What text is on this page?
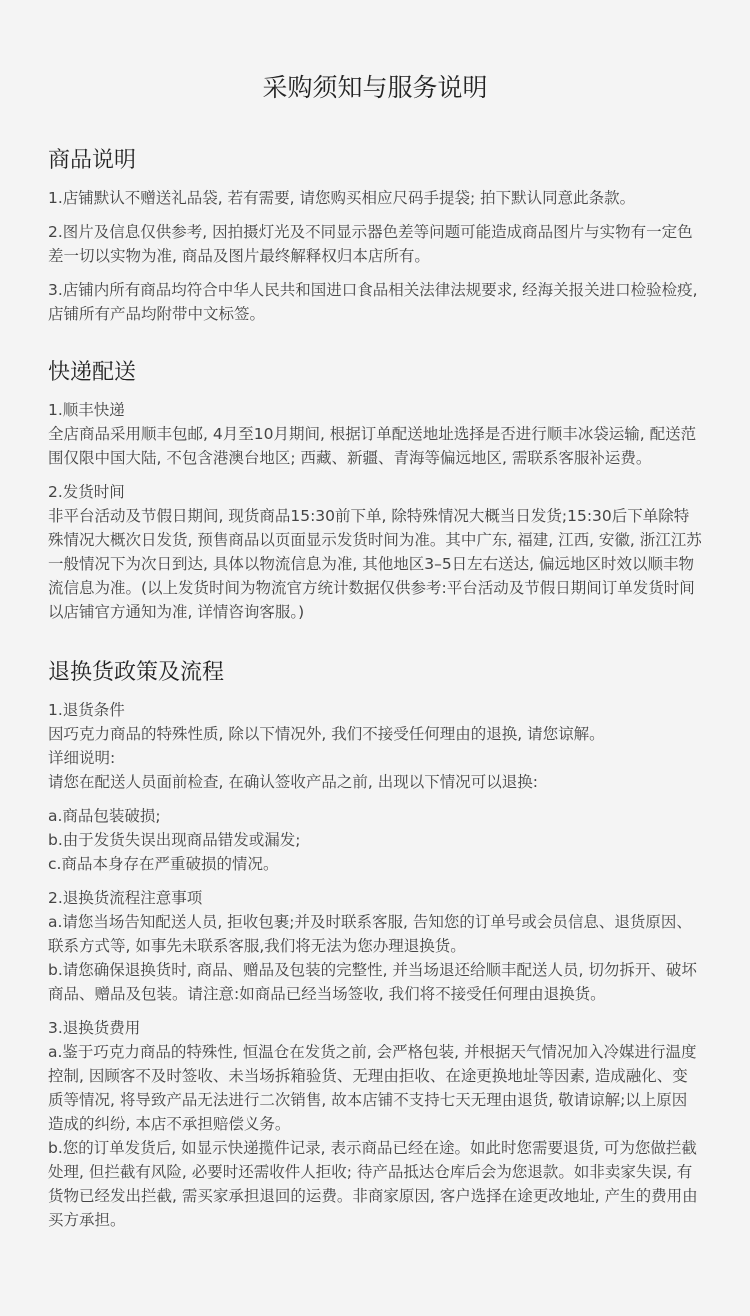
采购须知与服务说明
商品说明

1.店铺默认不赠送礼品袋, 若有需要, 请您购买相应尺码手提袋; 拍下默认同意此条款。

2.图片及信息仅供参考, 因拍摄灯光及不同显示器色差等问题可能造成商品图片与实物有一定色差一切以实物为准, 商品及图片最终解释权归本店所有。

3.店铺内所有商品均符合中华人民共和国进口食品相关法律法规要求, 经海关报关进口检验检疫, 店铺所有产品均附带中文标签。

快递配送

1.顺丰快递

全店商品采用顺丰包邮, 4月至10月期间, 根据订单配送地址选择是否进行顺丰冰袋运输, 配送范围仅限中国大陆, 不包含港澳台地区; 西藏、新疆、青海等偏远地区, 需联系客服补运费。

2.发货时间

非平台活动及节假日期间, 现货商品15:30前下单, 除特殊情况大概当日发货;15:30后下单除特殊情况大概次日发货, 预售商品以页面显示发货时间为准。其中广东, 福建, 江西, 安徽, 浙江江苏一般情况下为次日到达, 具体以物流信息为准, 其他地区3–5日左右送达, 偏远地区时效以顺丰物流信息为准。(以上发货时间为物流官方统计数据仅供参考:平台活动及节假日期间订单发货时间以店铺官方通知为准, 详情咨询客服。)

退换货政策及流程

1.退货条件

因巧克力商品的特殊性质, 除以下情况外, 我们不接受任何理由的退换, 请您谅解。

详细说明:

请您在配送人员面前检查, 在确认签收产品之前, 出现以下情况可以退换:

a.商品包装破损;

b.由于发货失误出现商品错发或漏发;

c.商品本身存在严重破损的情况。

2.退换货流程注意事项

a.请您当场告知配送人员, 拒收包裹;并及时联系客服, 告知您的订单号或会员信息、退货原因、联系方式等, 如事先未联系客服,我们将无法为您办理退换货。

b.请您确保退换货时, 商品、赠品及包装的完整性, 并当场退还给顺丰配送人员, 切勿拆开、破坏商品、赠品及包装。请注意:如商品已经当场签收, 我们将不接受任何理由退换货。

3.退换货费用

a.鉴于巧克力商品的特殊性, 恒温仓在发货之前, 会严格包装, 并根据天气情况加入冷媒进行温度控制, 因顾客不及时签收、未当场拆箱验货、无理由拒收、在途更换地址等因素, 造成融化、变质等情况, 将导致产品无法进行二次销售, 故本店铺不支持七天无理由退货, 敬请谅解;以上原因造成的纠纷, 本店不承担赔偿义务。

b.您的订单发货后, 如显示快递揽件记录, 表示商品已经在途。如此时您需要退货, 可为您做拦截处理, 但拦截有风险, 必要时还需收件人拒收; 待产品抵达仓库后会为您退款。如非卖家失误, 有货物已经发出拦截, 需买家承担退回的运费。非商家原因, 客户选择在途更改地址, 产生的费用由买方承担。
